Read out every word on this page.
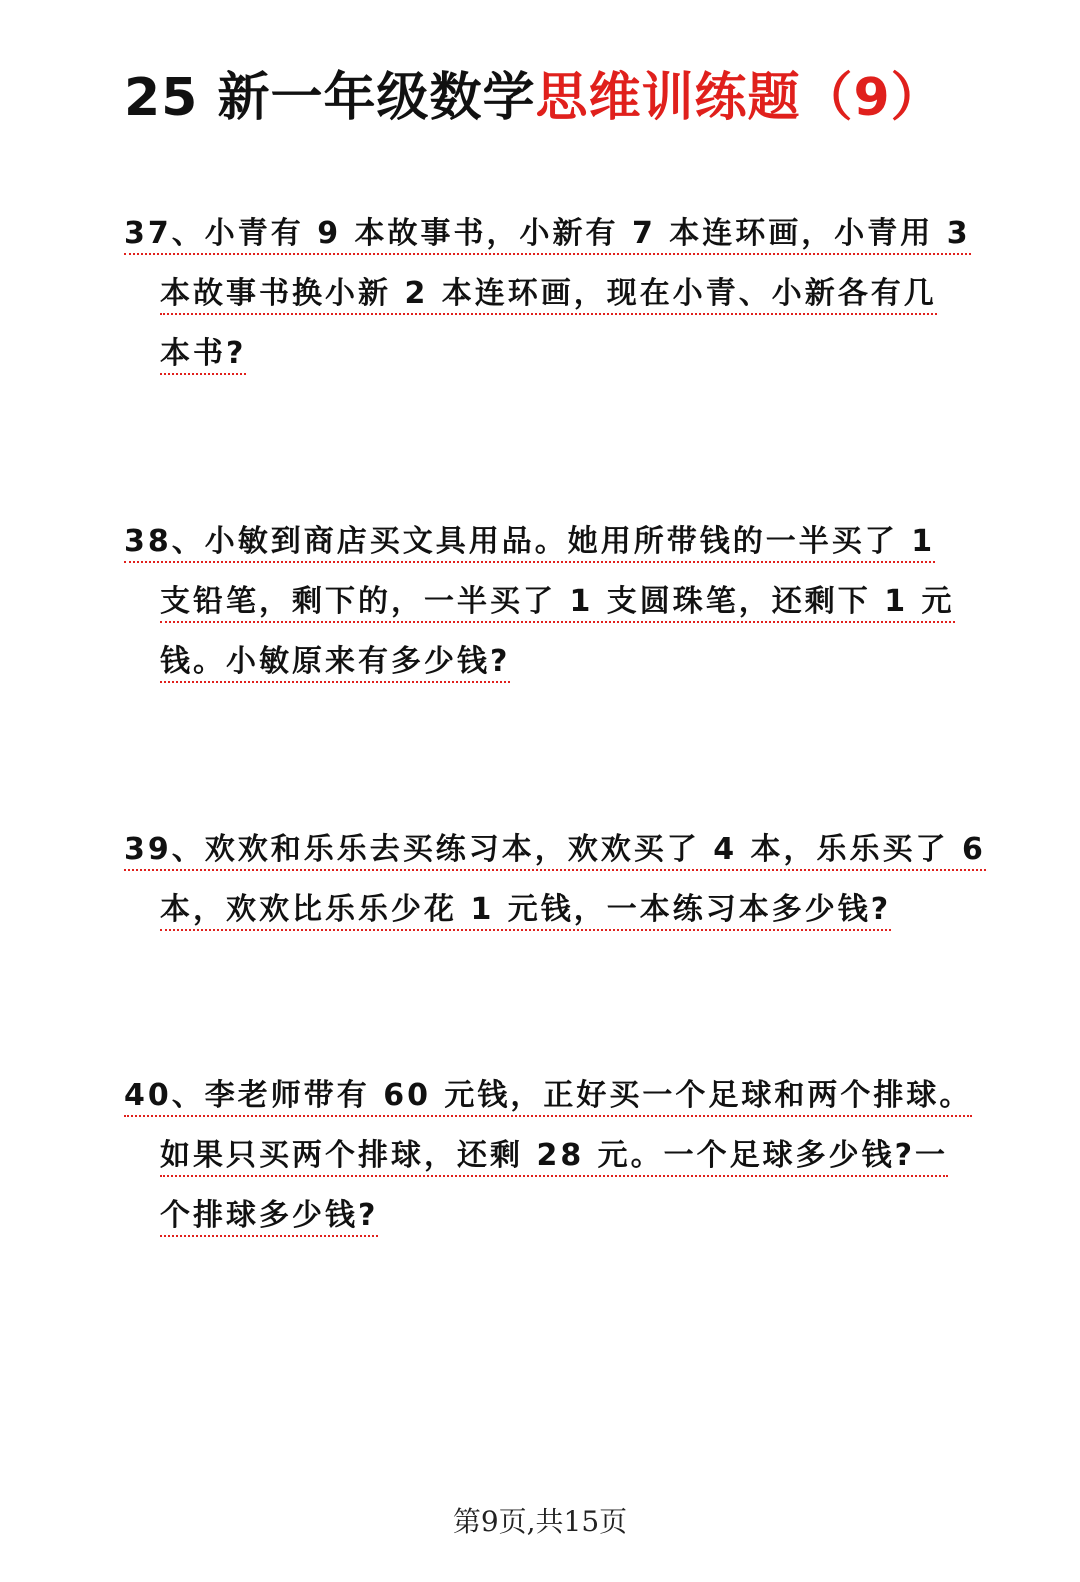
25 新一年级数学思维训练题（9）
37、小青有 9 本故事书，小新有 7 本连环画，小青用 3
本故事书换小新 2 本连环画，现在小青、小新各有几
本书?
38、小敏到商店买文具用品。她用所带钱的一半买了 1
支铅笔，剩下的，一半买了 1 支圆珠笔，还剩下 1 元
钱。小敏原来有多少钱?
39、欢欢和乐乐去买练习本，欢欢买了 4 本，乐乐买了 6
本，欢欢比乐乐少花 1 元钱，一本练习本多少钱?
40、李老师带有 60 元钱，正好买一个足球和两个排球。
如果只买两个排球，还剩 28 元。一个足球多少钱?一
个排球多少钱?
第9页,共15页
